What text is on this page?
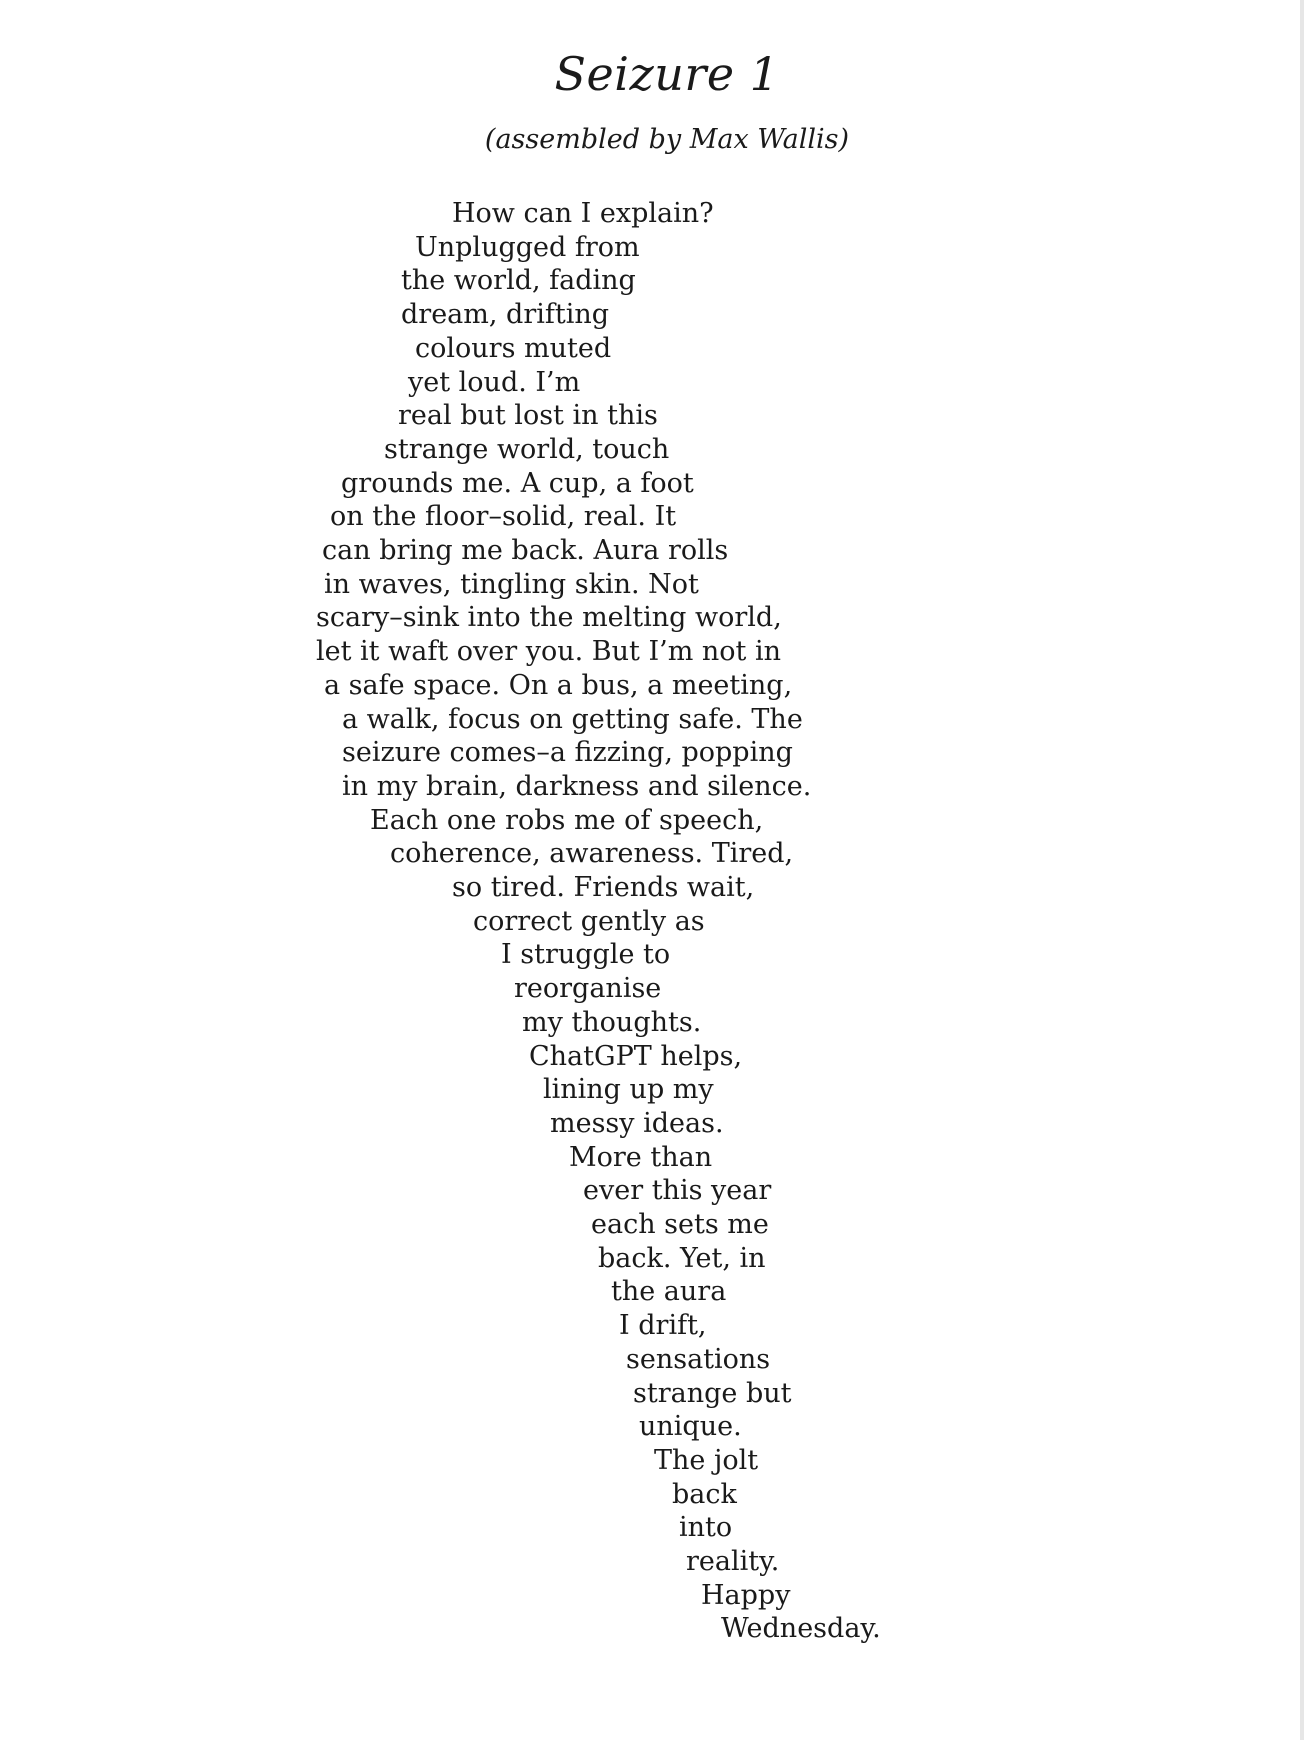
Seizure 1
(assembled by Max Wallis)
How can I explain?
Unplugged from
the world, fading
dream, drifting
colours muted
yet loud. I’m
real but lost in this
strange world, touch
grounds me. A cup, a foot
on the floor–solid, real. It
can bring me back. Aura rolls
in waves, tingling skin. Not
scary–sink into the melting world,
let it waft over you. But I’m not in
a safe space. On a bus, a meeting,
a walk, focus on getting safe. The
seizure comes–a fizzing, popping
in my brain, darkness and silence.
Each one robs me of speech,
coherence, awareness. Tired,
so tired. Friends wait,
correct gently as
I struggle to
reorganise
my thoughts.
ChatGPT helps,
lining up my
messy ideas.
More than
ever this year
each sets me
back. Yet, in
the aura
I drift,
sensations
strange but
unique.
The jolt
back
into
reality.
Happy
Wednesday.
